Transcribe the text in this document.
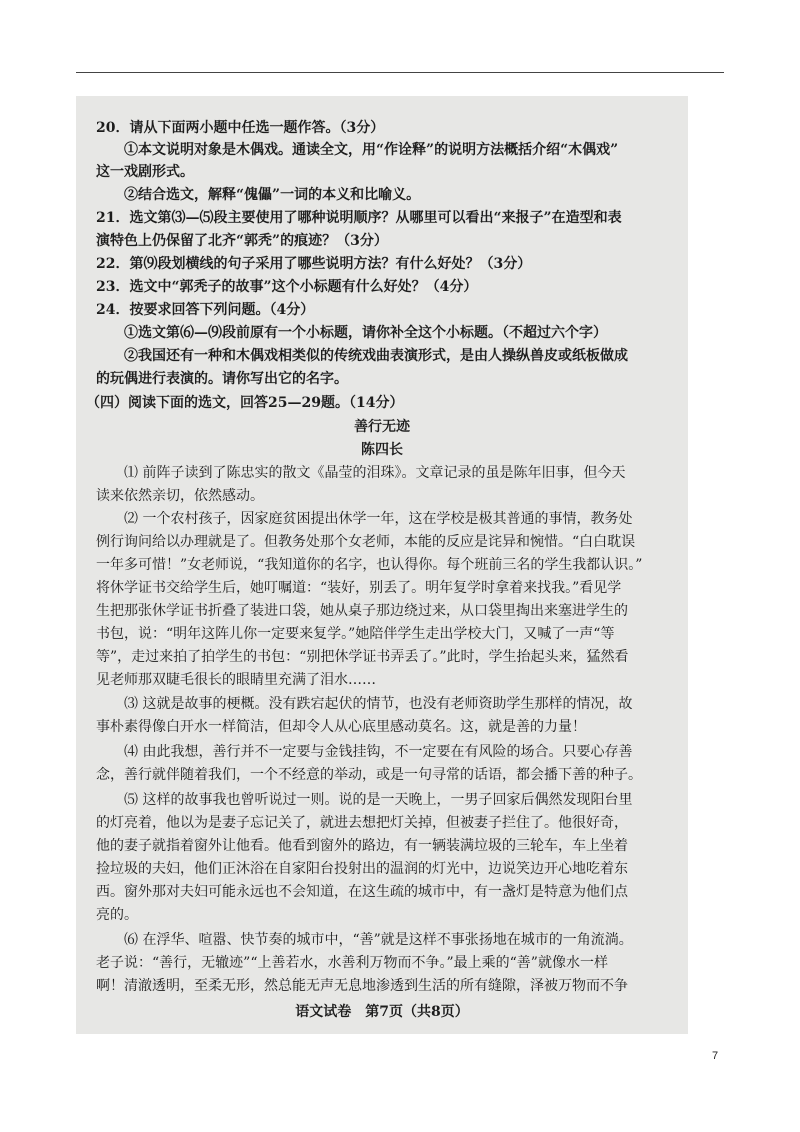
20．请从下面两小题中任选一题作答。（3分）
①本文说明对象是木偶戏。通读全文，用“作诠释”的说明方法概括介绍“木偶戏”
这一戏剧形式。
②结合选文，解释“傀儡”一词的本义和比喻义。
21．选文第⑶—⑸段主要使用了哪种说明顺序？从哪里可以看出“来报子”在造型和表
演特色上仍保留了北齐“郭秃”的痕迹？（3分）
22．第⑼段划横线的句子采用了哪些说明方法？有什么好处？（3分）
23．选文中“郭秃子的故事”这个小标题有什么好处？（4分）
24．按要求回答下列问题。（4分）
①选文第⑹—⑼段前原有一个小标题，请你补全这个小标题。（不超过六个字）
②我国还有一种和木偶戏相类似的传统戏曲表演形式，是由人操纵兽皮或纸板做成
的玩偶进行表演的。请你写出它的名字。
（四）阅读下面的选文，回答25—29题。（14分）
善行无迹
陈四长
⑴ 前阵子读到了陈忠实的散文《晶莹的泪珠》。文章记录的虽是陈年旧事，但今天
读来依然亲切，依然感动。
⑵ 一个农村孩子，因家庭贫困提出休学一年，这在学校是极其普通的事情，教务处
例行询问给以办理就是了。但教务处那个女老师，本能的反应是诧异和惋惜。“白白耽误
一年多可惜！”女老师说，“我知道你的名字，也认得你。每个班前三名的学生我都认识。”
将休学证书交给学生后，她叮嘱道：“装好，别丢了。明年复学时拿着来找我。”看见学
生把那张休学证书折叠了装进口袋，她从桌子那边绕过来，从口袋里掏出来塞进学生的
书包，说：“明年这阵儿你一定要来复学。”她陪伴学生走出学校大门，又喊了一声“等
等”，走过来拍了拍学生的书包：“别把休学证书弄丢了。”此时，学生抬起头来，猛然看
见老师那双睫毛很长的眼睛里充满了泪水……
⑶ 这就是故事的梗概。没有跌宕起伏的情节，也没有老师资助学生那样的情况，故
事朴素得像白开水一样简洁，但却令人从心底里感动莫名。这，就是善的力量！
⑷ 由此我想，善行并不一定要与金钱挂钩，不一定要在有风险的场合。只要心存善
念，善行就伴随着我们，一个不经意的举动，或是一句寻常的话语，都会播下善的种子。
⑸ 这样的故事我也曾听说过一则。说的是一天晚上，一男子回家后偶然发现阳台里
的灯亮着，他以为是妻子忘记关了，就进去想把灯关掉，但被妻子拦住了。他很好奇，
他的妻子就指着窗外让他看。他看到窗外的路边，有一辆装满垃圾的三轮车，车上坐着
捡垃圾的夫妇，他们正沐浴在自家阳台投射出的温润的灯光中，边说笑边开心地吃着东
西。窗外那对夫妇可能永远也不会知道，在这生疏的城市中，有一盏灯是特意为他们点
亮的。
⑹ 在浮华、喧嚣、快节奏的城市中，“善”就是这样不事张扬地在城市的一角流淌。
老子说：“善行，无辙迹”“上善若水，水善利万物而不争。”最上乘的“善”就像水一样
啊！清澈透明，至柔无形，然总能无声无息地渗透到生活的所有缝隙，泽被万物而不争
语文试卷　第7页（共8页）
7
